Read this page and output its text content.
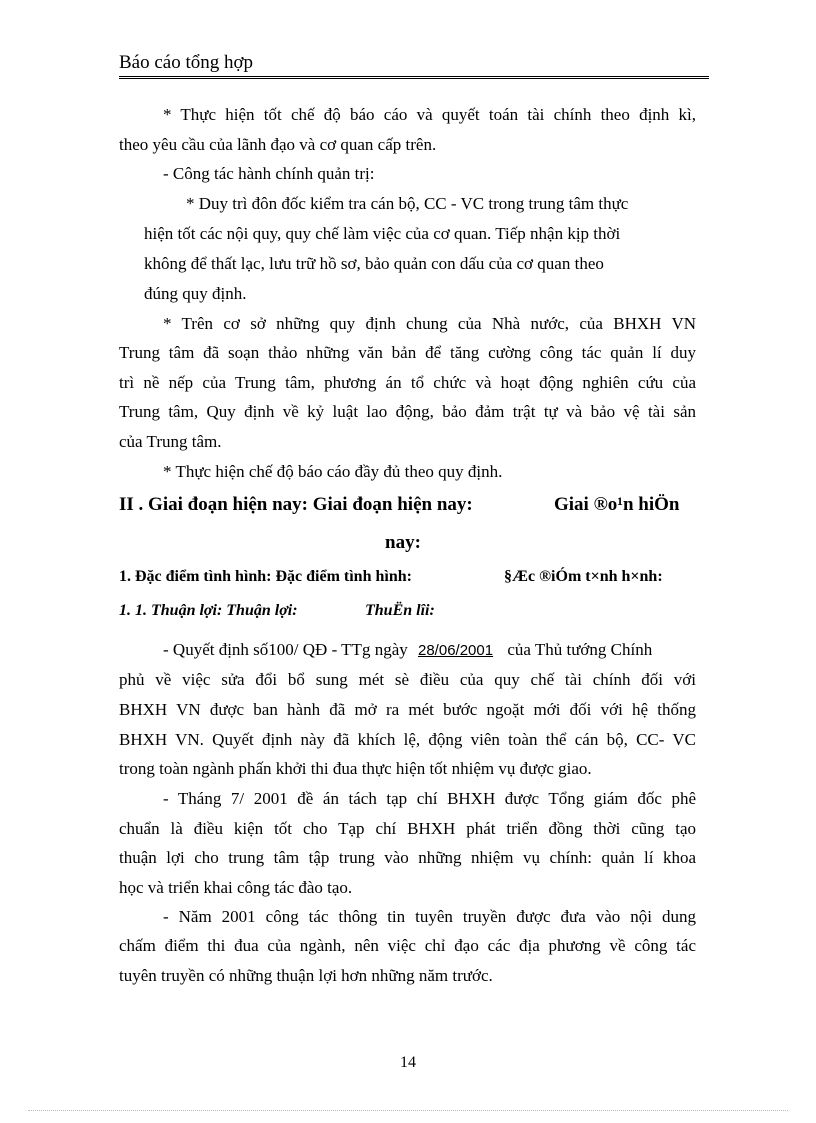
Báo cáo tổng hợp
* Thực hiện tốt chế độ báo cáo và quyết toán tài chính theo định kì,
theo yêu cầu của lãnh đạo và cơ quan cấp trên.
- Công tác hành chính quản trị:
* Duy trì đôn đốc kiểm tra cán bộ, CC - VC trong trung tâm thực
hiện tốt các nội quy, quy chế làm việc của cơ quan. Tiếp nhận kịp thời
không để thất lạc, lưu trữ hồ sơ, bảo quản con dấu của cơ quan theo
đúng quy định.
* Trên cơ sở những quy định chung của Nhà nước, của BHXH VN
Trung tâm đã soạn thảo những văn bản để tăng cường công tác quản lí duy
trì nề nếp của Trung tâm, phương án tổ chức và hoạt động nghiên cứu của
Trung tâm, Quy định về kỷ luật lao động, bảo đảm trật tự và bảo vệ tài sản
của Trung tâm.
* Thực hiện chế độ báo cáo đầy đủ theo quy định.
II . Giai đoạn hiện nay: Giai đoạn hiện nay:	Giai ®o¹n hiÖn
nay:
1. Đặc điểm tình hình: Đặc điểm tình hình:	§Æc ®iÓm t×nh h×nh:
1. 1. Thuận lợi: Thuận lợi:	ThuËn lîi:
- Quyết định số100/ QĐ - TTg ngày 28/06/2001 của Thủ tướng Chính
phủ về việc sửa đổi bổ sung mét sè điều của quy chế tài chính đối với
BHXH VN được ban hành đã mở ra mét bước ngoặt mới đối với hệ thống
BHXH VN. Quyết định này đã khích lệ, động viên toàn thể cán bộ, CC- VC
trong toàn ngành phấn khởi thi đua thực hiện tốt nhiệm vụ được giao.
- Tháng 7/ 2001 đề án tách tạp chí BHXH được Tổng giám đốc phê
chuẩn là điều kiện tốt cho Tạp chí BHXH phát triển đồng thời cũng tạo
thuận lợi cho trung tâm tập trung vào những nhiệm vụ chính: quản lí khoa
học và triển khai công tác đào tạo.
- Năm 2001 công tác thông tin tuyên truyền được đưa vào nội dung
chấm điểm thi đua của ngành, nên việc chỉ đạo các địa phương về công tác
tuyên truyền có những thuận lợi hơn những năm trước.
14
